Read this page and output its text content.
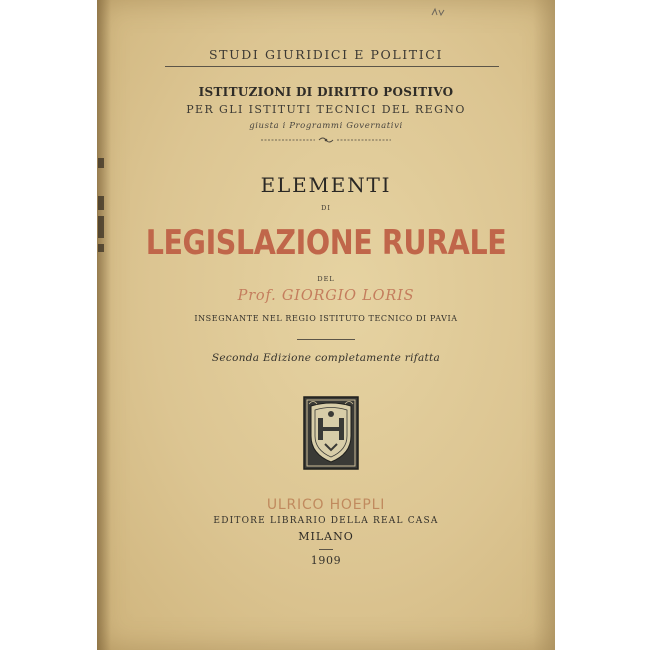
STUDI GIURIDICI E POLITICI
ISTITUZIONI DI DIRITTO POSITIVO
PER GLI ISTITUTI TECNICI DEL REGNO
giusta i Programmi Governativi
ELEMENTI
DI
LEGISLAZIONE RURALE
DEL
Prof. GIORGIO LORIS
INSEGNANTE NEL REGIO ISTITUTO TECNICO DI PAVIA
Seconda Edizione completamente rifatta
ULRICO HOEPLI
EDITORE LIBRARIO DELLA REAL CASA
MILANO
1909
